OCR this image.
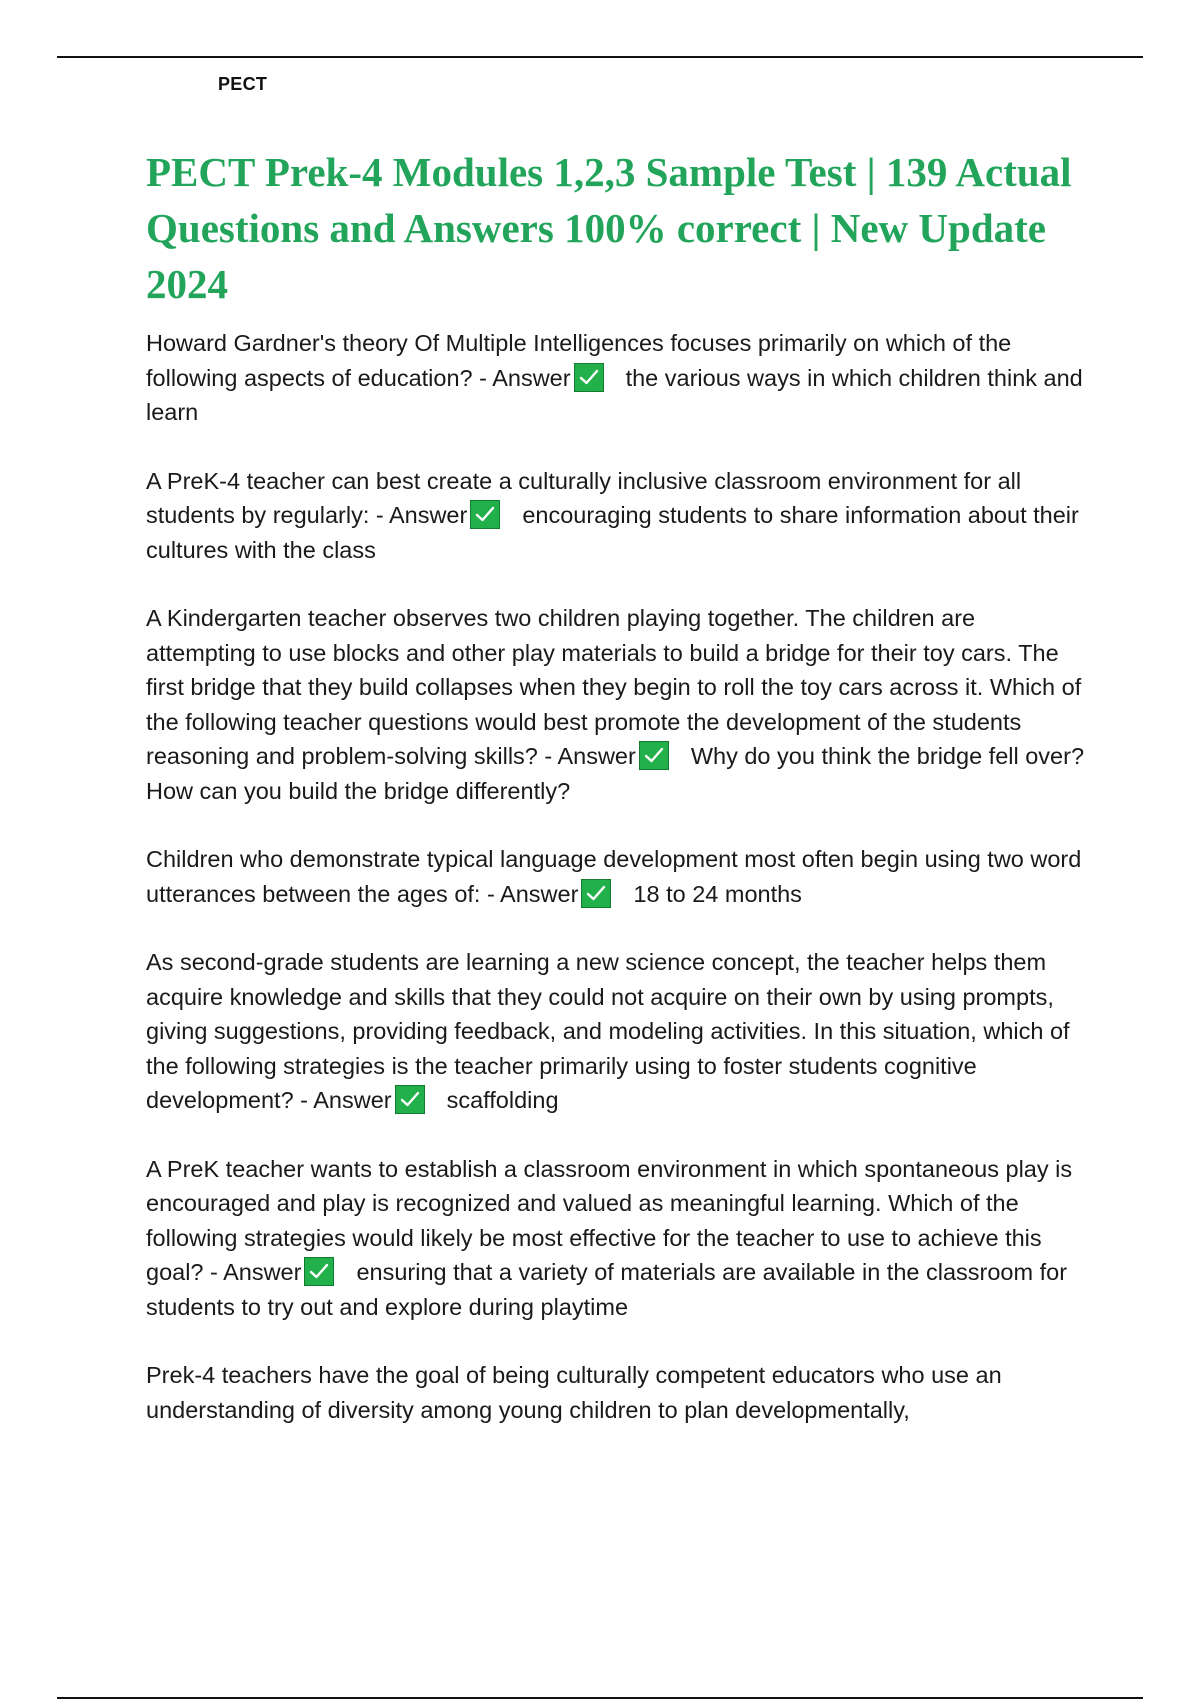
PECT
PECT Prek-4 Modules 1,2,3 Sample Test | 139 Actual Questions and Answers 100% correct | New Update 2024

Howard Gardner's theory Of Multiple Intelligences focuses primarily on which of the following aspects of education? - Answer the various ways in which children think and learn

A PreK-4 teacher can best create a culturally inclusive classroom environment for all students by regularly: - Answer encouraging students to share information about their cultures with the class

A Kindergarten teacher observes two children playing together. The children are attempting to use blocks and other play materials to build a bridge for their toy cars. The first bridge that they build collapses when they begin to roll the toy cars across it. Which of the following teacher questions would best promote the development of the students reasoning and problem-solving skills? - Answer Why do you think the bridge fell over? How can you build the bridge differently?

Children who demonstrate typical language development most often begin using two word utterances between the ages of: - Answer 18 to 24 months

As second-grade students are learning a new science concept, the teacher helps them acquire knowledge and skills that they could not acquire on their own by using prompts, giving suggestions, providing feedback, and modeling activities. In this situation, which of the following strategies is the teacher primarily using to foster students cognitive development? - Answer scaffolding

A PreK teacher wants to establish a classroom environment in which spontaneous play is encouraged and play is recognized and valued as meaningful learning. Which of the following strategies would likely be most effective for the teacher to use to achieve this goal? - Answer ensuring that a variety of materials are available in the classroom for students to try out and explore during playtime

Prek-4 teachers have the goal of being culturally competent educators who use an understanding of diversity among young children to plan developmentally,
